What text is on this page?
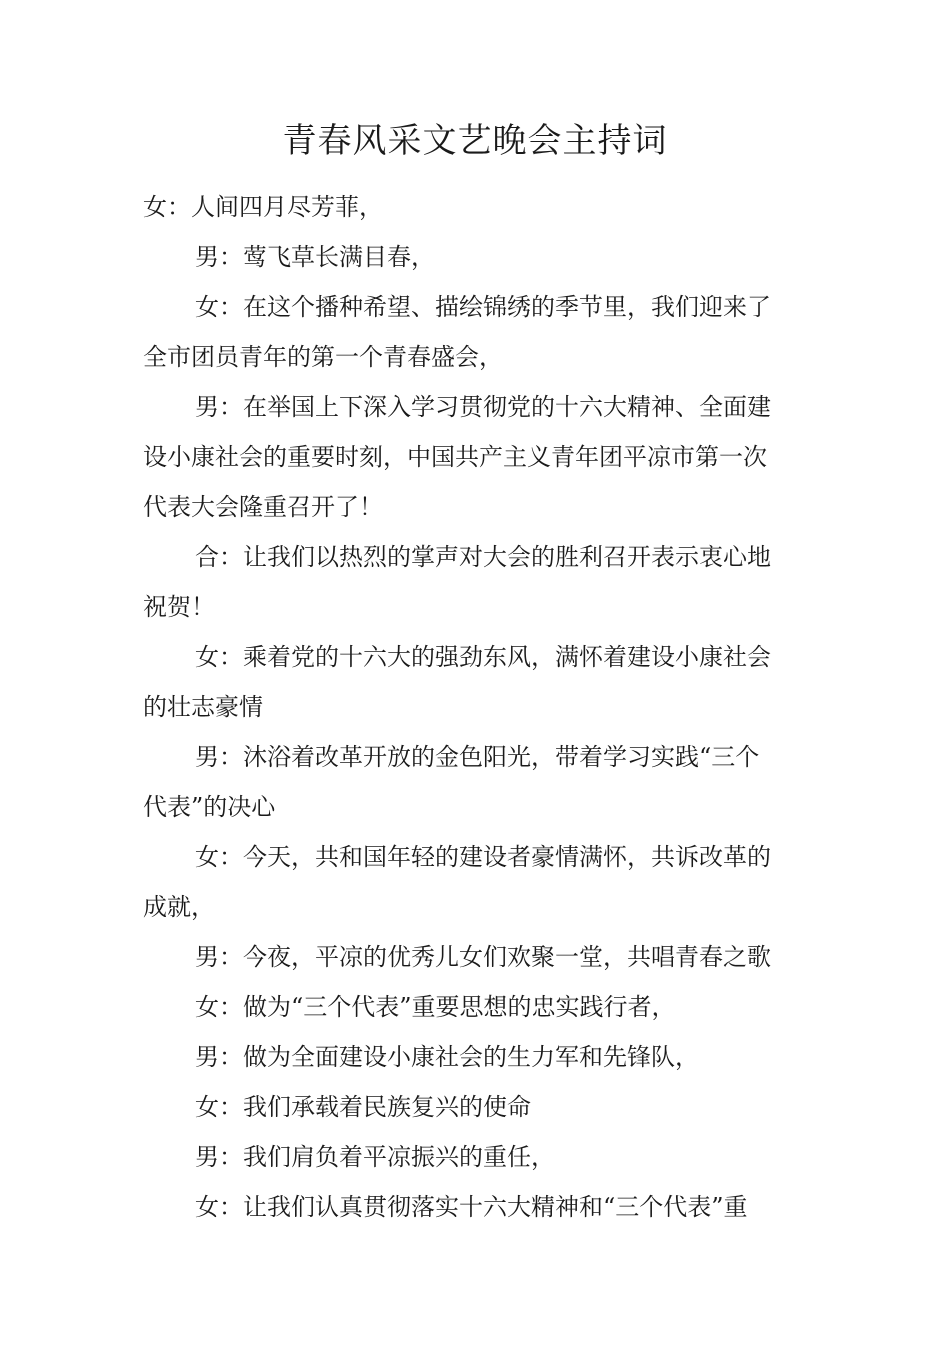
青春风采文艺晚会主持词
女：人间四月尽芳菲，
男：莺飞草长满目春，
女：在这个播种希望、描绘锦绣的季节里，我们迎来了
全市团员青年的第一个青春盛会，
男：在举国上下深入学习贯彻党的十六大精神、全面建
设小康社会的重要时刻，中国共产主义青年团平凉市第一次
代表大会隆重召开了！
合：让我们以热烈的掌声对大会的胜利召开表示衷心地
祝贺！
女：乘着党的十六大的强劲东风，满怀着建设小康社会
的壮志豪情
男：沐浴着改革开放的金色阳光，带着学习实践“三个
代表”的决心
女：今天，共和国年轻的建设者豪情满怀，共诉改革的
成就，
男：今夜，平凉的优秀儿女们欢聚一堂，共唱青春之歌
女：做为“三个代表”重要思想的忠实践行者，
男：做为全面建设小康社会的生力军和先锋队，
女：我们承载着民族复兴的使命
男：我们肩负着平凉振兴的重任，
女：让我们认真贯彻落实十六大精神和“三个代表”重
